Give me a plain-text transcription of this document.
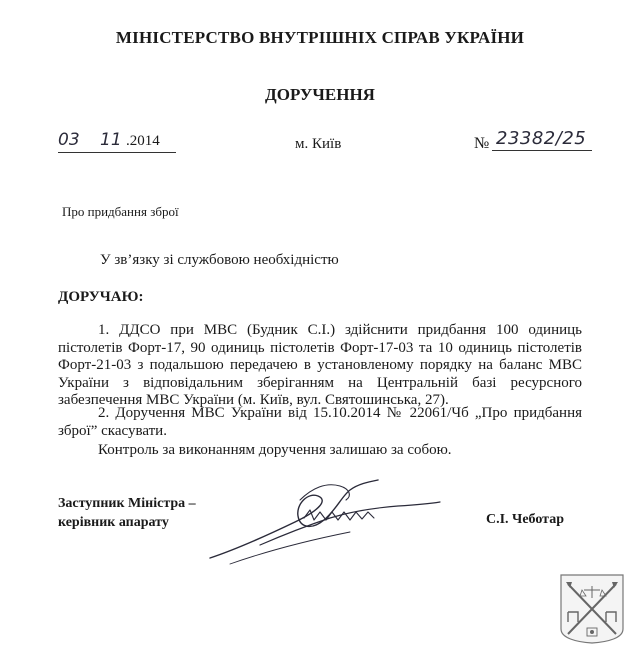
МІНІСТЕРСТВО ВНУТРІШНІХ СПРАВ УКРАЇНИ
ДОРУЧЕННЯ
03 11 .2014	м. Київ	№ 23382/25
Про придбання зброї
У зв’язку зі службовою необхідністю
ДОРУЧАЮ:
1. ДДСО при МВС (Будник С.І.) здійснити придбання 100 одиниць пістолетів Форт-17, 90 одиниць пістолетів Форт-17-03 та 10 одиниць пістолетів Форт-21-03 з подальшою передачею в установленому порядку на баланс МВС України з відповідальним зберіганням на Центральній базі ресурсного забезпечення МВС України (м. Київ, вул. Святошинська, 27).
2. Доручення МВС України від 15.10.2014 № 22061/Чб „Про придбання зброї” скасувати.
Контроль за виконанням доручення залишаю за собою.
Заступник Міністра –
керівник апарату	С.І. Чеботар
